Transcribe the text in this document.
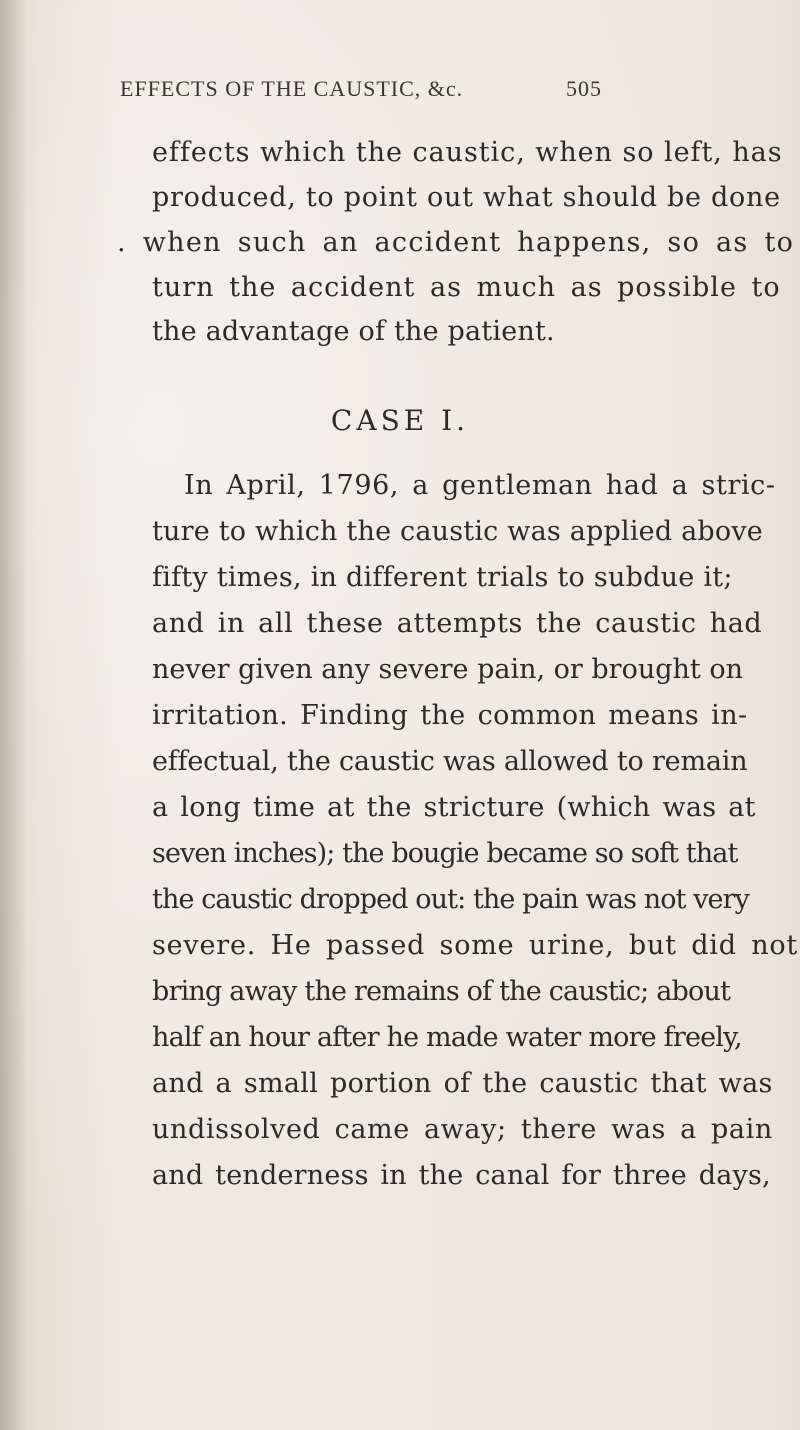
EFFECTS OF THE CAUSTIC, &c.	505
effects which the caustic, when so left, has
produced, to point out what should be done
. when such an accident happens, so as to
turn the accident as much as possible to
the advantage of the patient.
CASE I.
In April, 1796, a gentleman had a stric-
ture to which the caustic was applied above
fifty times, in different trials to subdue it;
and in all these attempts the caustic had
never given any severe pain, or brought on
irritation. Finding the common means in-
effectual, the caustic was allowed to remain
a long time at the stricture (which was at
seven inches); the bougie became so soft that
the caustic dropped out: the pain was not very
severe. He passed some urine, but did not
bring away the remains of the caustic; about
half an hour after he made water more freely,
and a small portion of the caustic that was
undissolved came away; there was a pain
and tenderness in the canal for three days,
